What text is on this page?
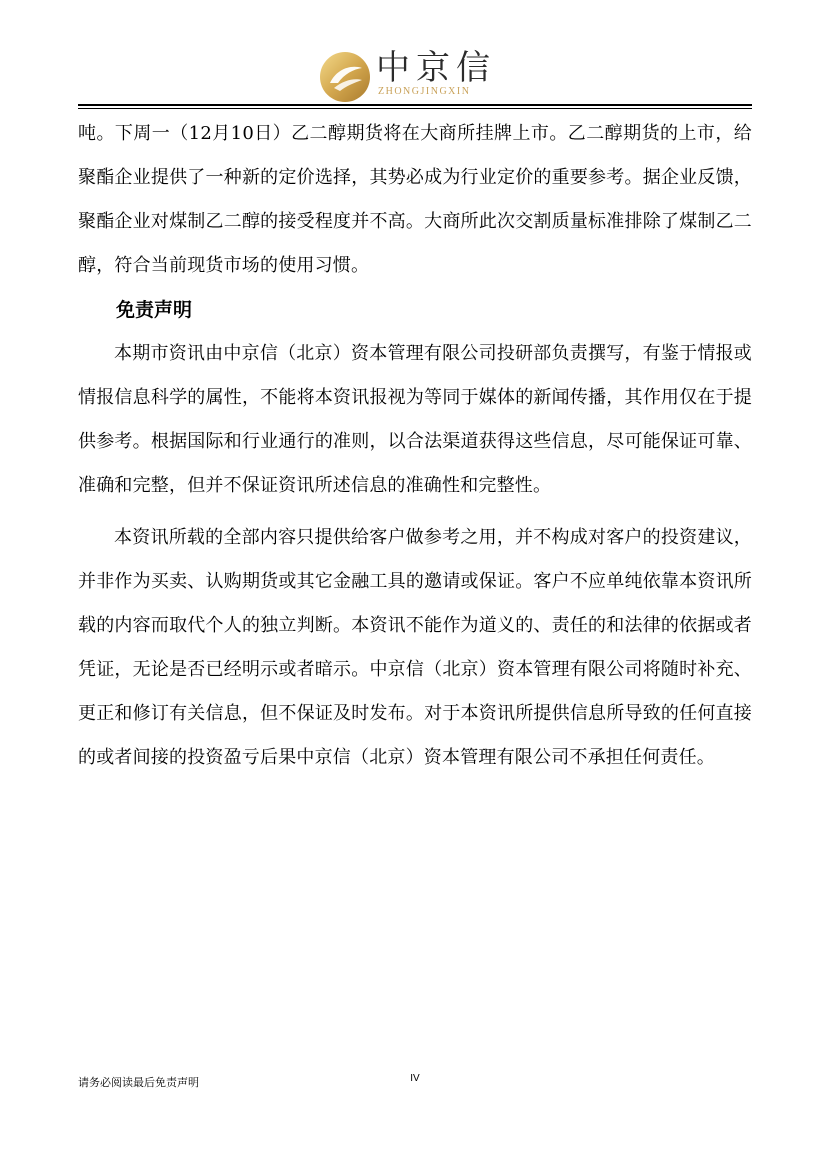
中京信
ZHONGJINGXIN

吨。下周一（12月10日）乙二醇期货将在大商所挂牌上市。乙二醇期货的上市，给聚酯企业提供了一种新的定价选择，其势必成为行业定价的重要参考。据企业反馈，聚酯企业对煤制乙二醇的接受程度并不高。大商所此次交割质量标准排除了煤制乙二醇，符合当前现货市场的使用习惯。

免责声明

本期市资讯由中京信（北京）资本管理有限公司投研部负责撰写，有鉴于情报或情报信息科学的属性，不能将本资讯报视为等同于媒体的新闻传播，其作用仅在于提供参考。根据国际和行业通行的准则，以合法渠道获得这些信息，尽可能保证可靠、准确和完整，但并不保证资讯所述信息的准确性和完整性。

本资讯所载的全部内容只提供给客户做参考之用，并不构成对客户的投资建议，并非作为买卖、认购期货或其它金融工具的邀请或保证。客户不应单纯依靠本资讯所载的内容而取代个人的独立判断。本资讯不能作为道义的、责任的和法律的依据或者凭证，无论是否已经明示或者暗示。中京信（北京）资本管理有限公司将随时补充、更正和修订有关信息，但不保证及时发布。对于本资讯所提供信息所导致的任何直接的或者间接的投资盈亏后果中京信（北京）资本管理有限公司不承担任何责任。

请务必阅读最后免责声明	IV
